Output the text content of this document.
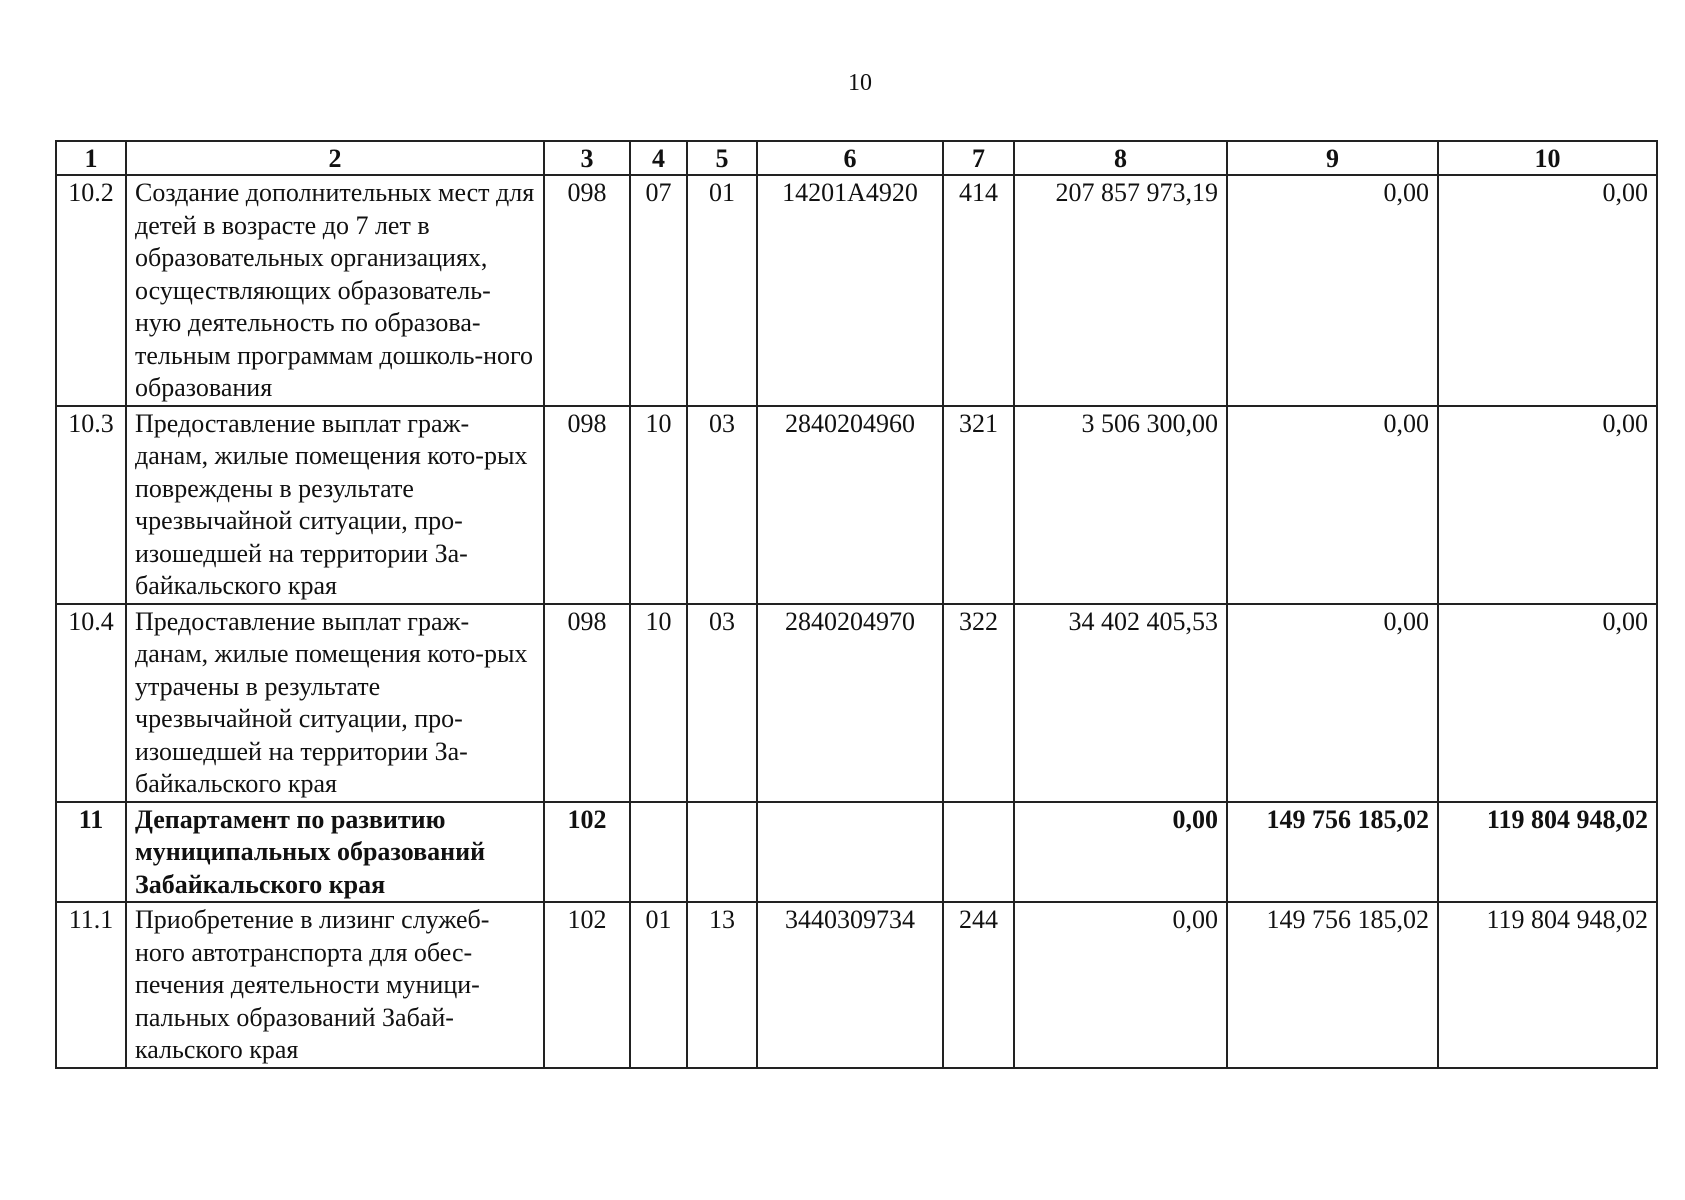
10
1	2	3	4	5	6	7	8	9	10
10.2	Создание дополнительных мест для детей в возрасте до 7 лет в образовательных организациях, осуществляющих образователь-ную деятельность по образова-тельным программам дошколь-ного образования	098	07	01	14201А4920	414	207 857 973,19	0,00	0,00
10.3	Предоставление выплат граж-данам, жилые помещения кото-рых повреждены в результате чрезвычайной ситуации, про-изошедшей на территории За-байкальского края	098	10	03	2840204960	321	3 506 300,00	0,00	0,00
10.4	Предоставление выплат граж-данам, жилые помещения кото-рых утрачены в результате чрезвычайной ситуации, про-изошедшей на территории За-байкальского края	098	10	03	2840204970	322	34 402 405,53	0,00	0,00
11	Департамент по развитию муниципальных образований Забайкальского края	102					0,00	149 756 185,02	119 804 948,02
11.1	Приобретение в лизинг служеб-ного автотранспорта для обес-печения деятельности муници-пальных образований Забай-кальского края	102	01	13	3440309734	244	0,00	149 756 185,02	119 804 948,02
